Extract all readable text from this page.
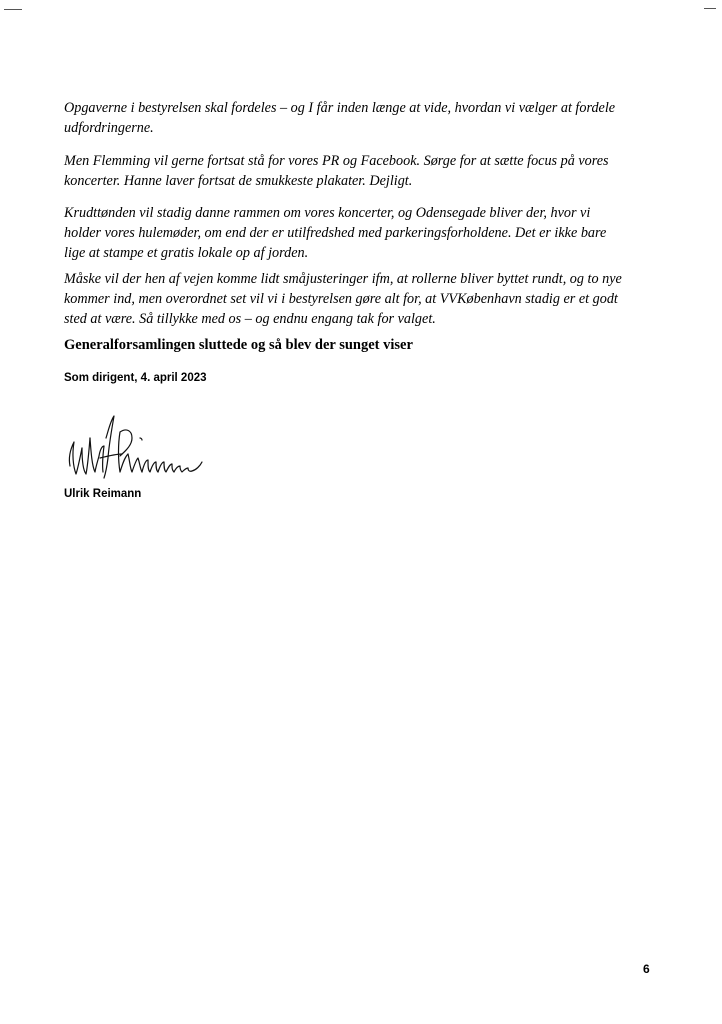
Opgaverne i bestyrelsen skal fordeles – og I får inden længe at vide, hvordan vi vælger at fordele
udfordringerne.

Men Flemming vil gerne fortsat stå for vores PR og Facebook. Sørge for at sætte focus på vores
koncerter. Hanne laver fortsat de smukkeste plakater. Dejligt.

Krudttønden vil stadig danne rammen om vores koncerter, og Odensegade bliver der, hvor vi
holder vores hulemøder, om end der er utilfredshed med parkeringsforholdene. Det er ikke bare
lige at stampe et gratis lokale op af jorden.

Måske vil der hen af vejen komme lidt småjusteringer ifm, at rollerne bliver byttet rundt, og to nye
kommer ind, men overordnet set vil vi i bestyrelsen gøre alt for, at VVKøbenhavn stadig er et godt
sted at være. Så tillykke med os – og endnu engang tak for valget.

Generalforsamlingen sluttede og så blev der sunget viser

Som dirigent, 4. april 2023
Ulrik Reimann
6
